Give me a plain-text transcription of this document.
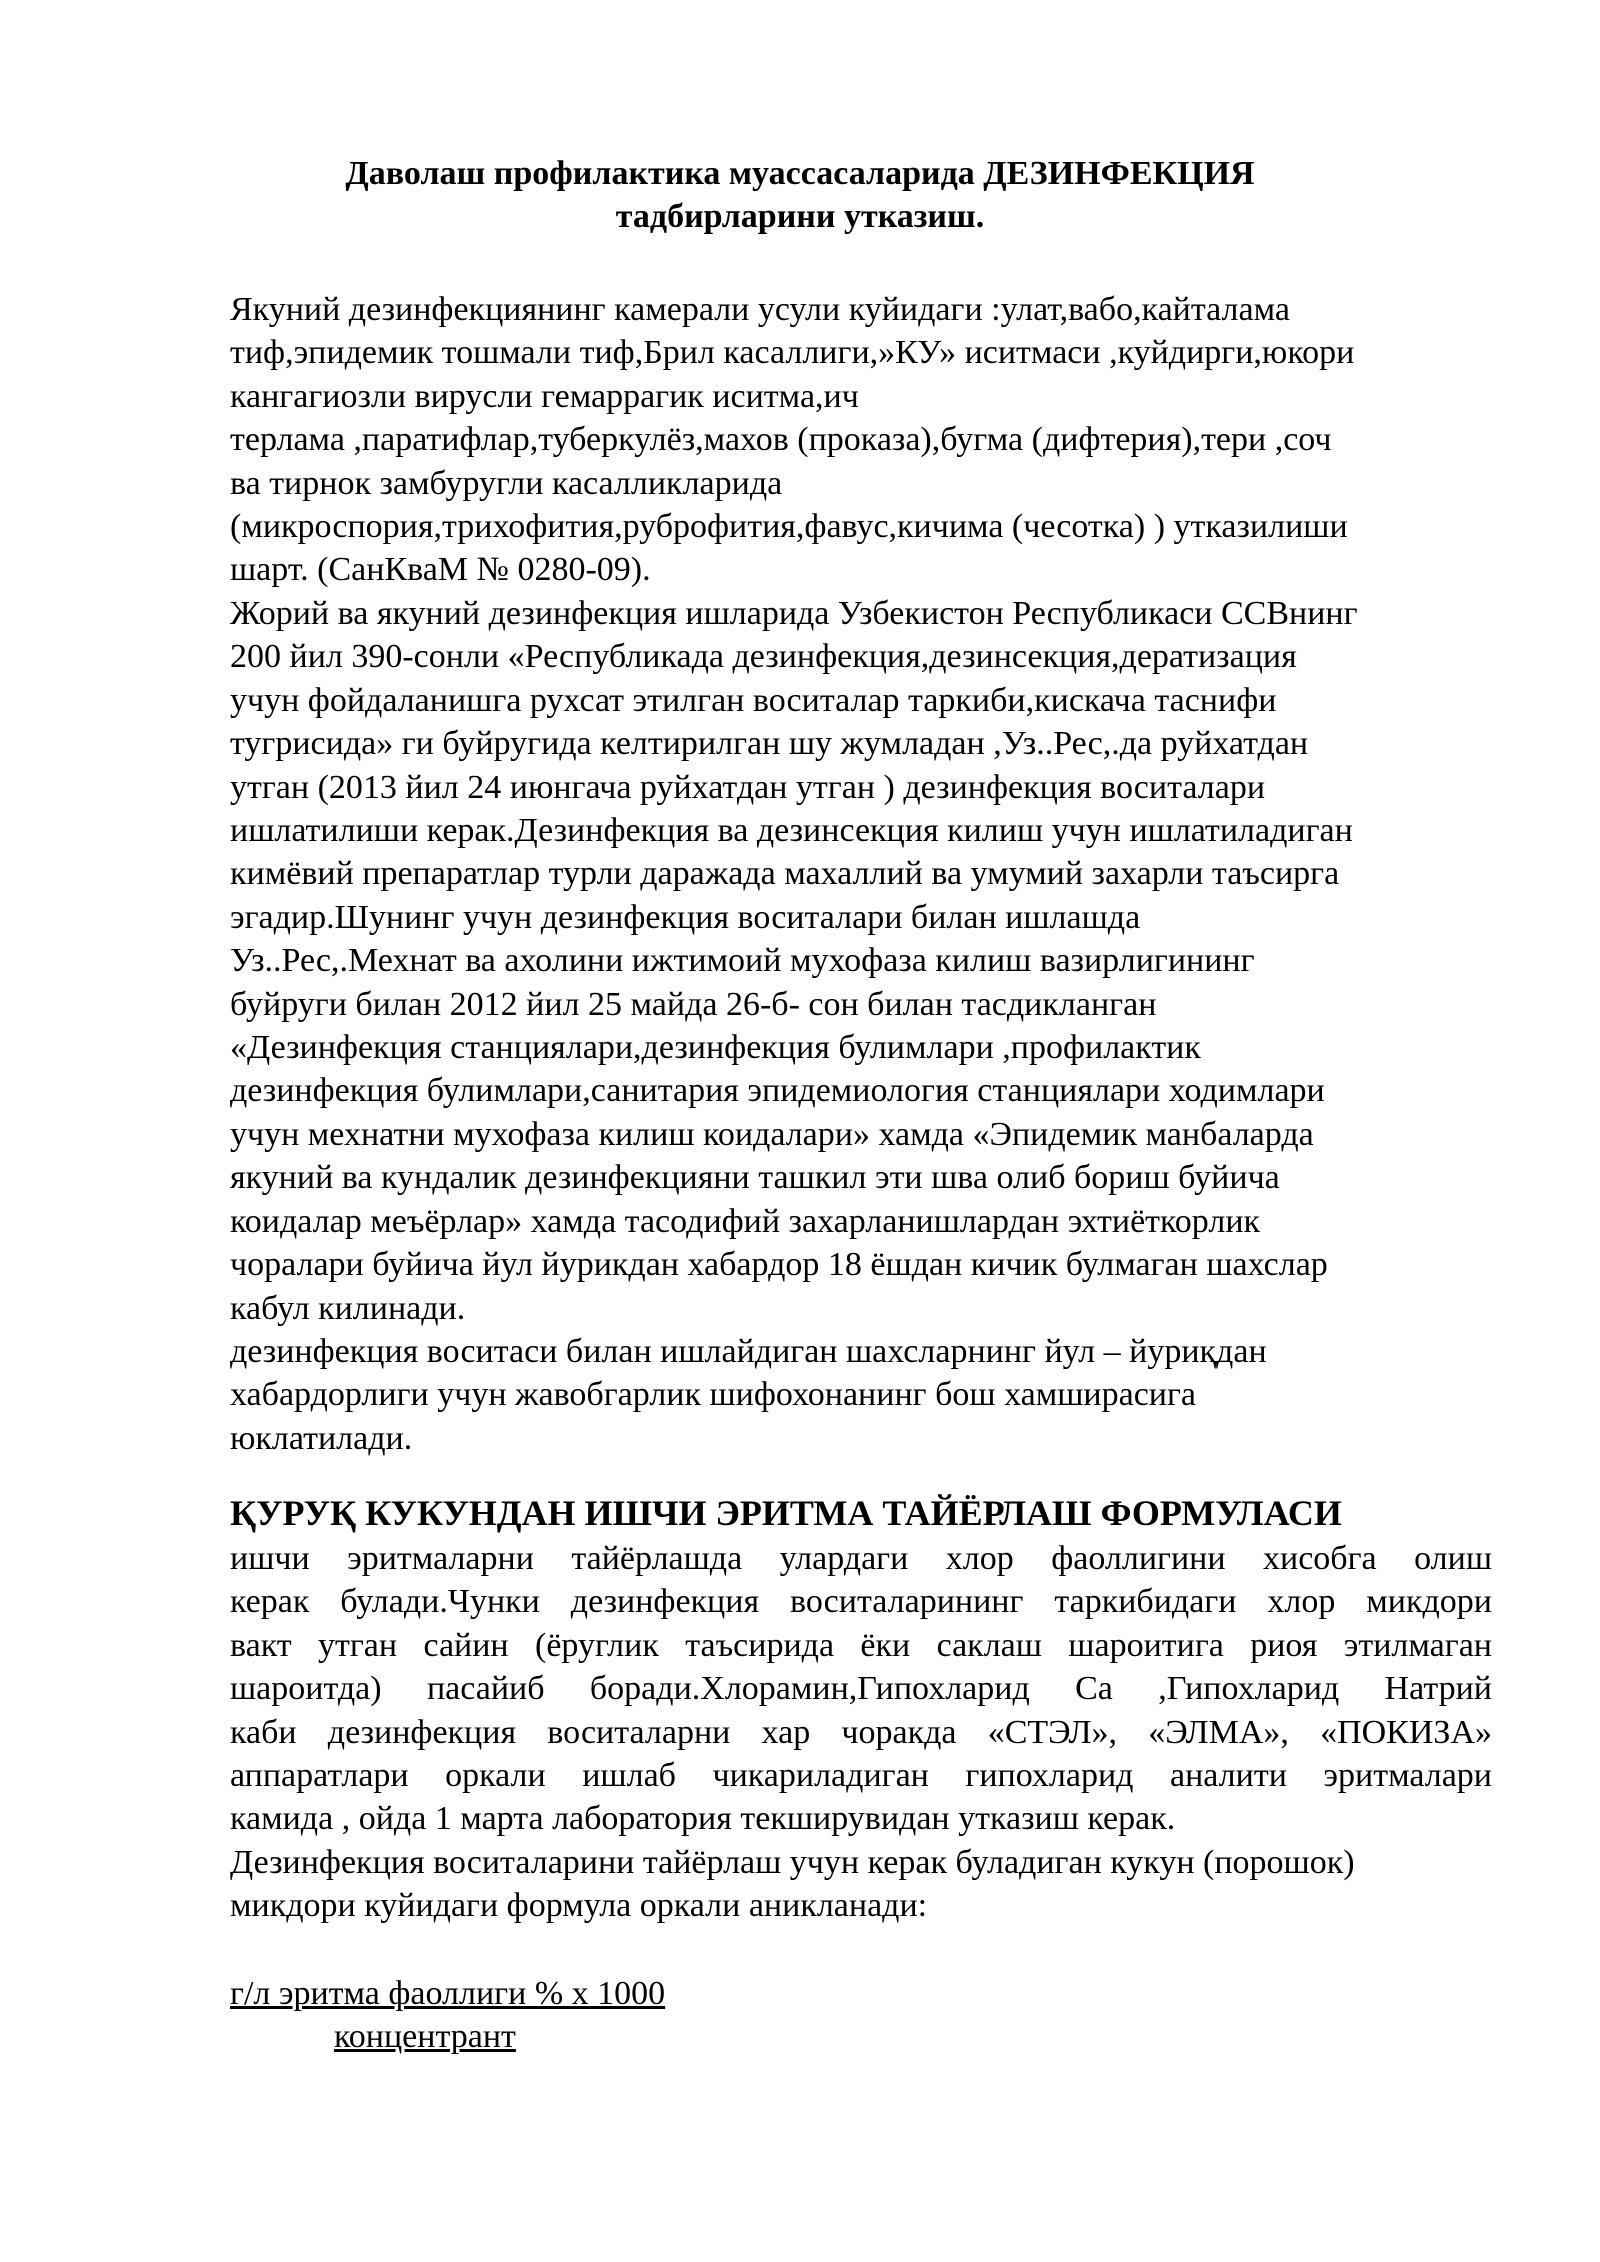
Даволаш профилактика муассасаларида ДЕЗИНФЕКЦИЯ
тадбирларини утказиш.
Якуний дезинфекциянинг камерали усули куйидаги :улат,вабо,кайталама
тиф,эпидемик тошмали тиф,Брил касаллиги,»КУ» иситмаси ,куйдирги,юкори
кангагиозли вирусли гемаррагик иситма,ич
терлама ,паратифлар,туберкулёз,махов (проказа),бугма (дифтерия),тери ,соч
ва тирнок замбуругли касалликларида
(микроспория,трихофития,руброфития,фавус,кичима (чесотка) ) утказилиши
шарт. (СанКваМ № 0280-09).
Жорий ва якуний дезинфекция ишларида Узбекистон Республикаси ССВнинг
200 йил 390-сонли «Республикада дезинфекция,дезинсекция,дератизация
учун фойдаланишга рухсат этилган воситалар таркиби,кискача таснифи
тугрисида» ги буйругида келтирилган шу жумладан ,Уз..Рес,.да руйхатдан
утган (2013 йил 24 июнгача руйхатдан утган ) дезинфекция воситалари
ишлатилиши керак.Дезинфекция ва дезинсекция килиш учун ишлатиладиган
кимёвий препаратлар турли даражада махаллий ва умумий захарли таъсирга
эгадир.Шунинг учун дезинфекция воситалари билан ишлашда
Уз..Рес,.Мехнат ва ахолини ижтимоий мухофаза килиш вазирлигининг
буйруги билан 2012 йил 25 майда 26-б- сон билан тасдикланган
«Дезинфекция станциялари,дезинфекция булимлари ,профилактик
дезинфекция булимлари,санитария эпидемиология станциялари ходимлари
учун мехнатни мухофаза килиш коидалари» хамда «Эпидемик манбаларда
якуний ва кундалик дезинфекцияни ташкил эти шва олиб бориш буйича
коидалар меъёрлар» хамда тасодифий захарланишлардан эхтиёткорлик
чоралари буйича йул йурикдан хабардор 18 ёшдан кичик булмаган шахслар
кабул килинади.
дезинфекция воситаси билан ишлайдиган шахсларнинг йул – йуриқдан
хабардорлиги учун жавобгарлик шифохонанинг бош хамширасига
юклатилади.
ҚУРУҚ КУКУНДАН ИШЧИ ЭРИТМА ТАЙЁРЛАШ ФОРМУЛАСИ
ишчи эритмаларни тайёрлашда улардаги хлор фаоллигини хисобга олиш
керак булади.Чунки дезинфекция воситаларининг таркибидаги хлор микдори
вакт утган сайин (ёруглик таъсирида ёки саклаш шароитига риоя этилмаган
шароитда) пасайиб боради.Хлорамин,Гипохларид Са ,Гипохларид Натрий
каби дезинфекция воситаларни хар чоракда «СТЭЛ», «ЭЛМА», «ПОКИЗА»
аппаратлари оркали ишлаб чикариладиган гипохларид аналити эритмалари
камида , ойда 1 марта лаборатория текширувидан утказиш керак.
Дезинфекция воситаларини тайёрлаш учун керак буладиган кукун (порошок)
микдори куйидаги формула оркали аникланади:
г/л эритма фаоллиги % х 1000
концентрант
